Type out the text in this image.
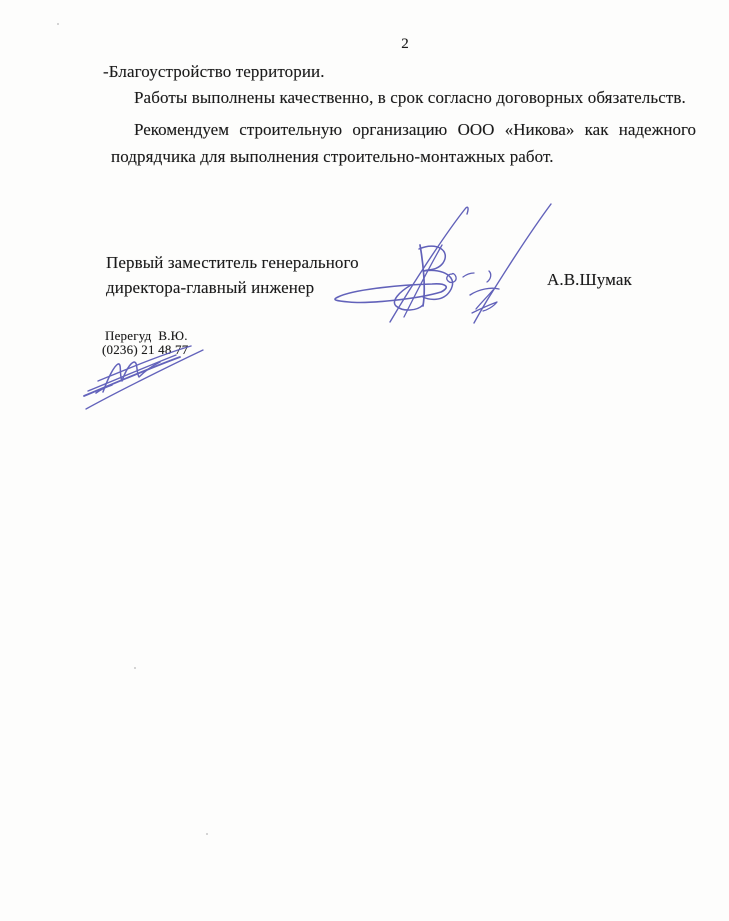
2
-Благоустройство территории.
Работы выполнены качественно, в срок согласно договорных обязательств.
Рекомендуем строительную организацию ООО «Никова» как надежного
подрядчика для выполнения строительно-монтажных работ.
Первый заместитель генерального
директора-главный инженер	А.В.Шумак
Перегуд  В.Ю.
(0236) 21 48 77
